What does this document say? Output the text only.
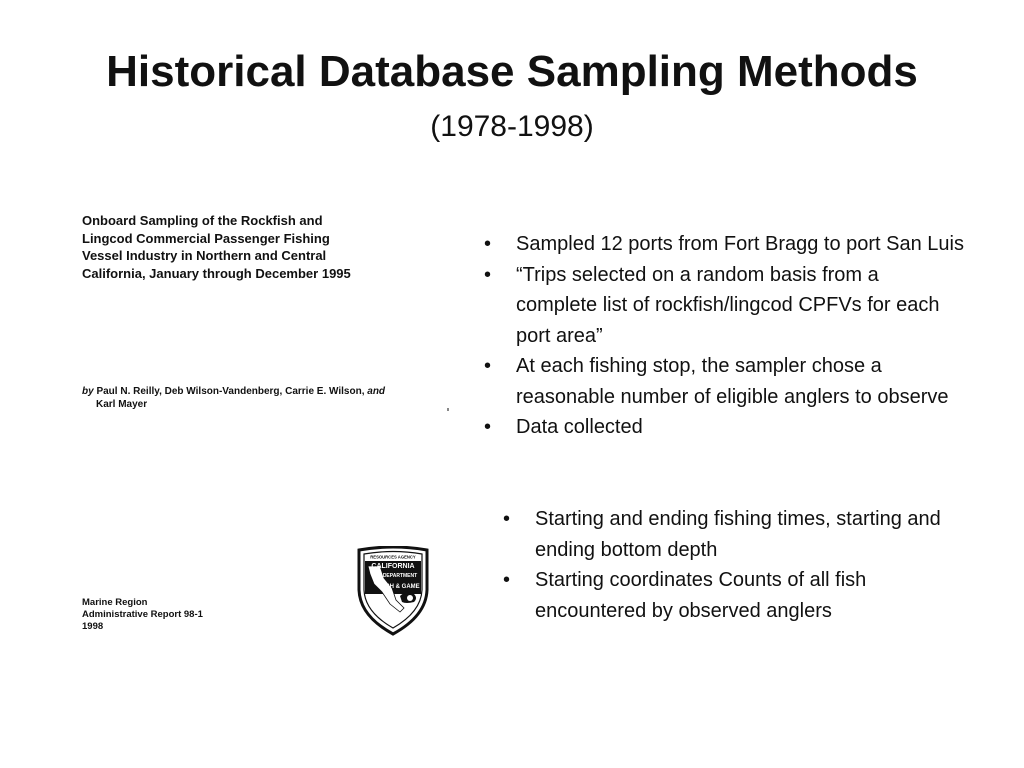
Historical Database Sampling Methods
(1978-1998)
Onboard Sampling of the Rockfish and
Lingcod Commercial Passenger Fishing
Vessel Industry in Northern and Central
California, January through December 1995
by Paul N. Reilly, Deb Wilson-Vandenberg, Carrie E. Wilson, and
Karl Mayer
Marine Region
Administrative Report 98-1
1998
RESOURCES AGENCY
CALIFORNIA
DEPARTMENT
FISH & GAME
• Sampled 12 ports from Fort Bragg to port San Luis
• “Trips selected on a random basis from a complete list of rockfish/lingcod CPFVs for each port area”
• At each fishing stop, the sampler chose a reasonable number of eligible anglers to observe
• Data collected
• Starting and ending fishing times, starting and ending bottom depth
• Starting coordinates Counts of all fish encountered by observed anglers
